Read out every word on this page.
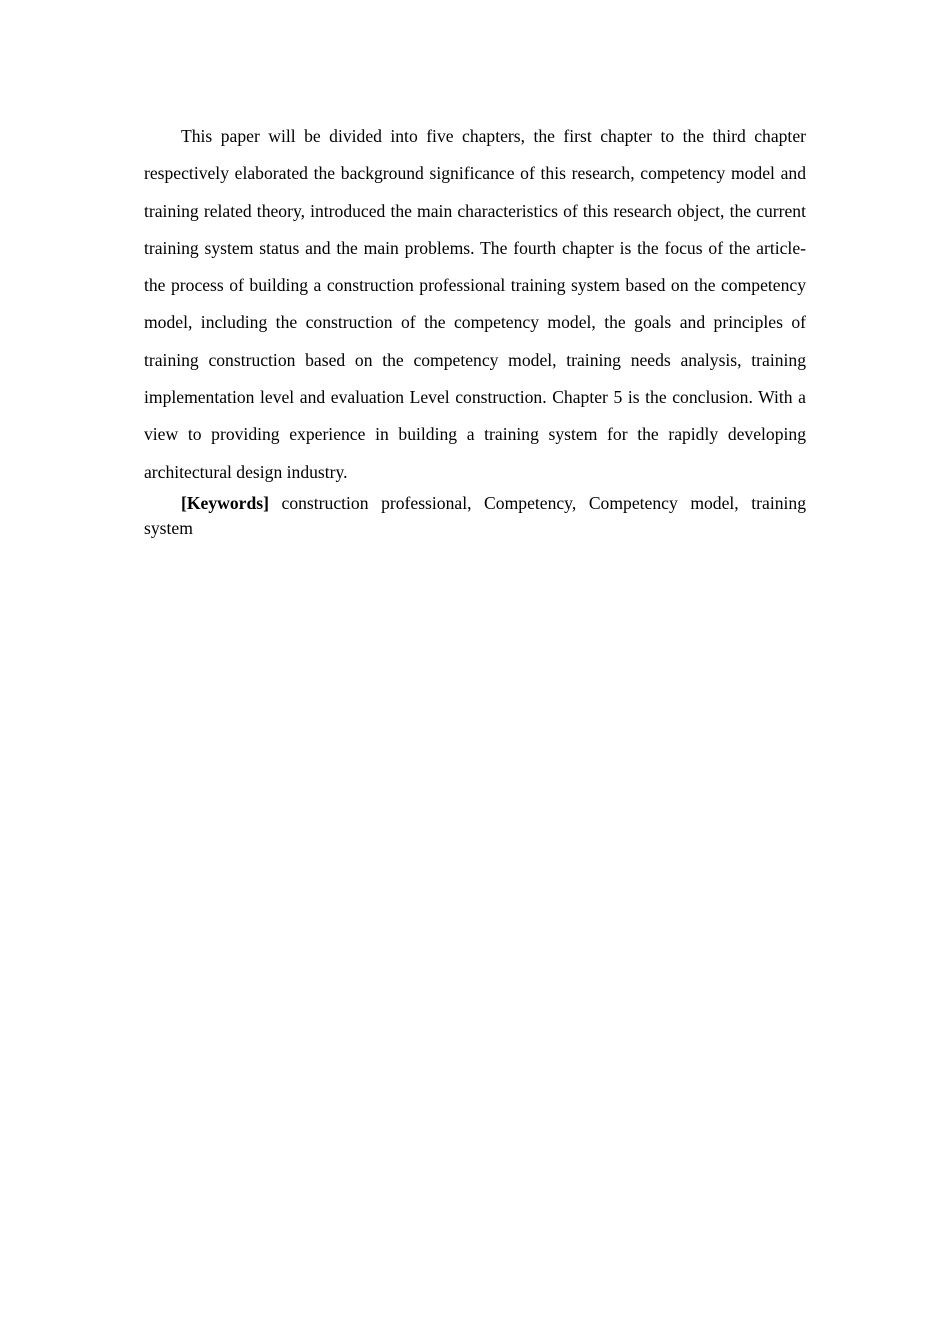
This paper will be divided into five chapters, the first chapter to the third chapter respectively elaborated the background significance of this research, competency model and training related theory, introduced the main characteristics of this research object, the current training system status and the main problems. The fourth chapter is the focus of the article-the process of building a construction professional training system based on the competency model, including the construction of the competency model, the goals and principles of training construction based on the competency model, training needs analysis, training implementation level and evaluation Level construction. Chapter 5 is the conclusion. With a view to providing experience in building a training system for the rapidly developing architectural design industry.

[Keywords] construction professional, Competency, Competency model, training system
